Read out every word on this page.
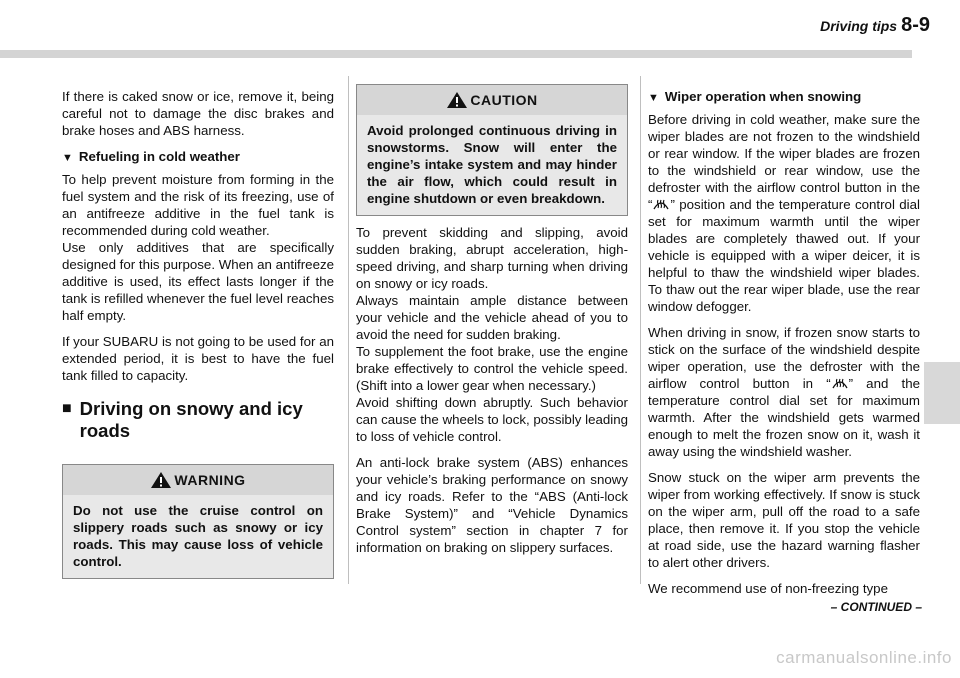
Driving tips 8-9

If there is caked snow or ice, remove it, being careful not to damage the disc brakes and brake hoses and ABS harness.

▼ Refueling in cold weather

To help prevent moisture from forming in the fuel system and the risk of its freezing, use of an antifreeze additive in the fuel tank is recommended during cold weather.

Use only additives that are specifically designed for this purpose. When an antifreeze additive is used, its effect lasts longer if the tank is refilled whenever the fuel level reaches half empty.

If your SUBARU is not going to be used for an extended period, it is best to have the fuel tank filled to capacity.

■ Driving on snowy and icy roads
WARNING
Do not use the cruise control on slippery roads such as snowy or icy roads. This may cause loss of vehicle control.
CAUTION
Avoid prolonged continuous driving in snowstorms. Snow will enter the engine’s intake system and may hinder the air flow, which could result in engine shutdown or even breakdown.

To prevent skidding and slipping, avoid sudden braking, abrupt acceleration, high-speed driving, and sharp turning when driving on snowy or icy roads.

Always maintain ample distance between your vehicle and the vehicle ahead of you to avoid the need for sudden braking.

To supplement the foot brake, use the engine brake effectively to control the vehicle speed. (Shift into a lower gear when necessary.)

Avoid shifting down abruptly. Such behavior can cause the wheels to lock, possibly leading to loss of vehicle control.

An anti-lock brake system (ABS) enhances your vehicle’s braking performance on snowy and icy roads. Refer to the “ABS (Anti-lock Brake System)” and “Vehicle Dynamics Control system” section in chapter 7 for information on braking on slippery surfaces.

▼ Wiper operation when snowing

Before driving in cold weather, make sure the wiper blades are not frozen to the windshield or rear window. If the wiper blades are frozen to the windshield or rear window, use the defroster with the airflow control button in the “ ” position and the temperature control dial set for maximum warmth until the wiper blades are completely thawed out. If your vehicle is equipped with a wiper deicer, it is helpful to thaw the windshield wiper blades. To thaw out the rear wiper blade, use the rear window defogger.

When driving in snow, if frozen snow starts to stick on the surface of the windshield despite wiper operation, use the defroster with the airflow control button in “ ” and the temperature control dial set for maximum warmth. After the windshield gets warmed enough to melt the frozen snow on it, wash it away using the windshield washer.

Snow stuck on the wiper arm prevents the wiper from working effectively. If snow is stuck on the wiper arm, pull off the road to a safe place, then remove it. If you stop the vehicle at road side, use the hazard warning flasher to alert other drivers.

We recommend use of non-freezing type

– CONTINUED –
carmanualsonline.info
